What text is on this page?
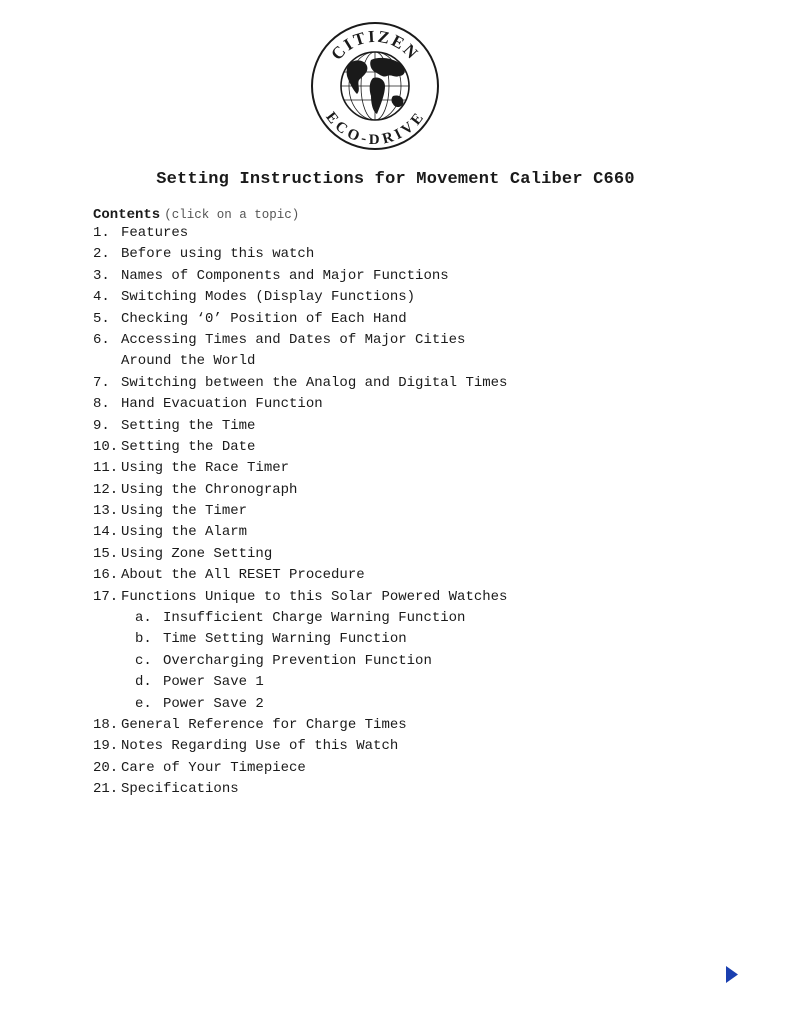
CITIZEN
ECO-DRIVE
Setting Instructions for Movement Caliber C660
Contents (click on a topic)
1. Features
2. Before using this watch
3. Names of Components and Major Functions
4. Switching Modes (Display Functions)
5. Checking ‘0’ Position of Each Hand
6. Accessing Times and Dates of Major Cities
Around the World
7. Switching between the Analog and Digital Times
8. Hand Evacuation Function
9. Setting the Time
10. Setting the Date
11. Using the Race Timer
12. Using the Chronograph
13. Using the Timer
14. Using the Alarm
15. Using Zone Setting
16. About the All RESET Procedure
17. Functions Unique to this Solar Powered Watches
a. Insufficient Charge Warning Function
b. Time Setting Warning Function
c. Overcharging Prevention Function
d. Power Save 1
e. Power Save 2
18. General Reference for Charge Times
19. Notes Regarding Use of this Watch
20. Care of Your Timepiece
21. Specifications
